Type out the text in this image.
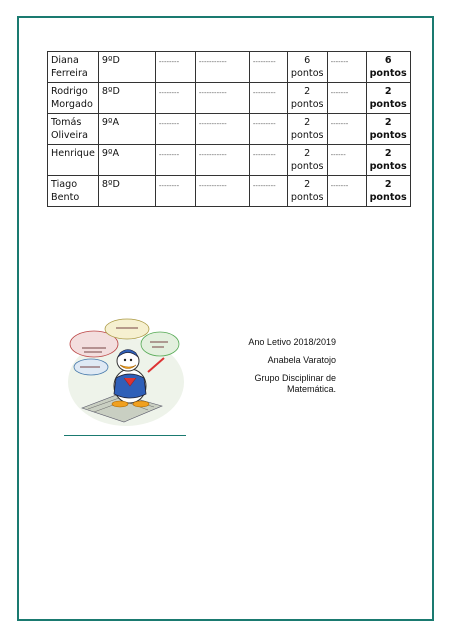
Diana Ferreira	9ºD	--------	-----------	---------	6 pontos	-------	6 pontos
Rodrigo Morgado	8ºD	--------	-----------	---------	2 pontos	-------	2 pontos
Tomás Oliveira	9ºA	--------	-----------	---------	2 pontos	-------	2 pontos
Henrique	9ºA	--------	-----------	---------	2 pontos	------	2 pontos
Tiago Bento	8ºD	--------	-----------	---------	2 pontos	-------	2 pontos
Ano Letivo 2018/2019
Anabela Varatojo
Grupo Disciplinar de
Matemática.
